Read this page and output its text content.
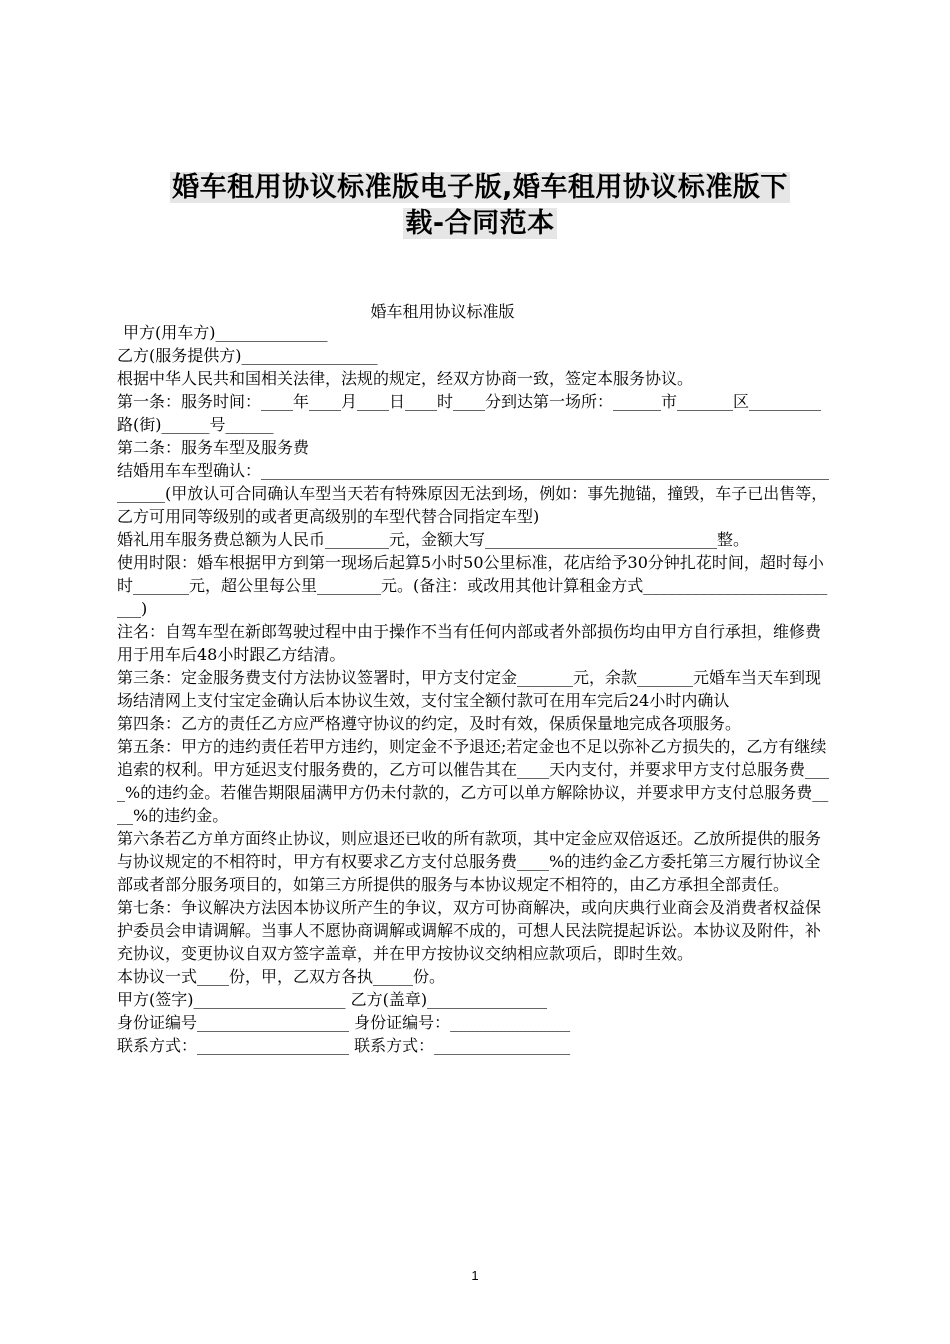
婚车租用协议标准版电子版,婚车租用协议标准版下
载-合同范本
婚车租用协议标准版

甲方(用车方)______________

乙方(服务提供方)_________________

根据中华人民共和国相关法律，法规的规定，经双方协商一致，签定本服务协议。

第一条：服务时间：____年____月____日____时____分到达第一场所：______市_______区_________路(街)______号______

第二条：服务车型及服务费

结婚用车车型确认：_____________________________________________________________________________(甲放认可合同确认车型当天若有特殊原因无法到场，例如：事先抛锚，撞毁，车子已出售等，乙方可用同等级别的或者更高级别的车型代替合同指定车型)

婚礼用车服务费总额为人民币________元，金额大写_____________________________整。

使用时限：婚车根据甲方到第一现场后起算5小时50公里标准，花店给予30分钟扎花时间，超时每小时_______元，超公里每公里________元。(备注：或改用其他计算租金方式__________________________)

注名：自驾车型在新郎驾驶过程中由于操作不当有任何内部或者外部损伤均由甲方自行承担，维修费用于用车后48小时跟乙方结清。

第三条：定金服务费支付方法协议签署时，甲方支付定金_______元，余款_______元婚车当天车到现场结清网上支付宝定金确认后本协议生效，支付宝全额付款可在用车完后24小时内确认

第四条：乙方的责任乙方应严格遵守协议的约定，及时有效，保质保量地完成各项服务。

第五条：甲方的违约责任若甲方违约，则定金不予退还;若定金也不足以弥补乙方损失的，乙方有继续追索的权利。甲方延迟支付服务费的，乙方可以催告其在____天内支付，并要求甲方支付总服务费____%的违约金。若催告期限届满甲方仍未付款的，乙方可以单方解除协议，并要求甲方支付总服务费____%的违约金。

第六条若乙方单方面终止协议，则应退还已收的所有款项，其中定金应双倍返还。乙放所提供的服务与协议规定的不相符时，甲方有权要求乙方支付总服务费____%的违约金乙方委托第三方履行协议全部或者部分服务项目的，如第三方所提供的服务与本协议规定不相符的，由乙方承担全部责任。

第七条：争议解决方法因本协议所产生的争议，双方可协商解决，或向庆典行业商会及消费者权益保护委员会申请调解。当事人不愿协商调解或调解不成的，可想人民法院提起诉讼。本协议及附件，补充协议，变更协议自双方签字盖章，并在甲方按协议交纳相应款项后，即时生效。

本协议一式____份，甲，乙双方各执_____份。

甲方(签字)___________________ 乙方(盖章)_______________

身份证编号___________________ 身份证编号：_______________

联系方式：___________________ 联系方式：_________________

1
